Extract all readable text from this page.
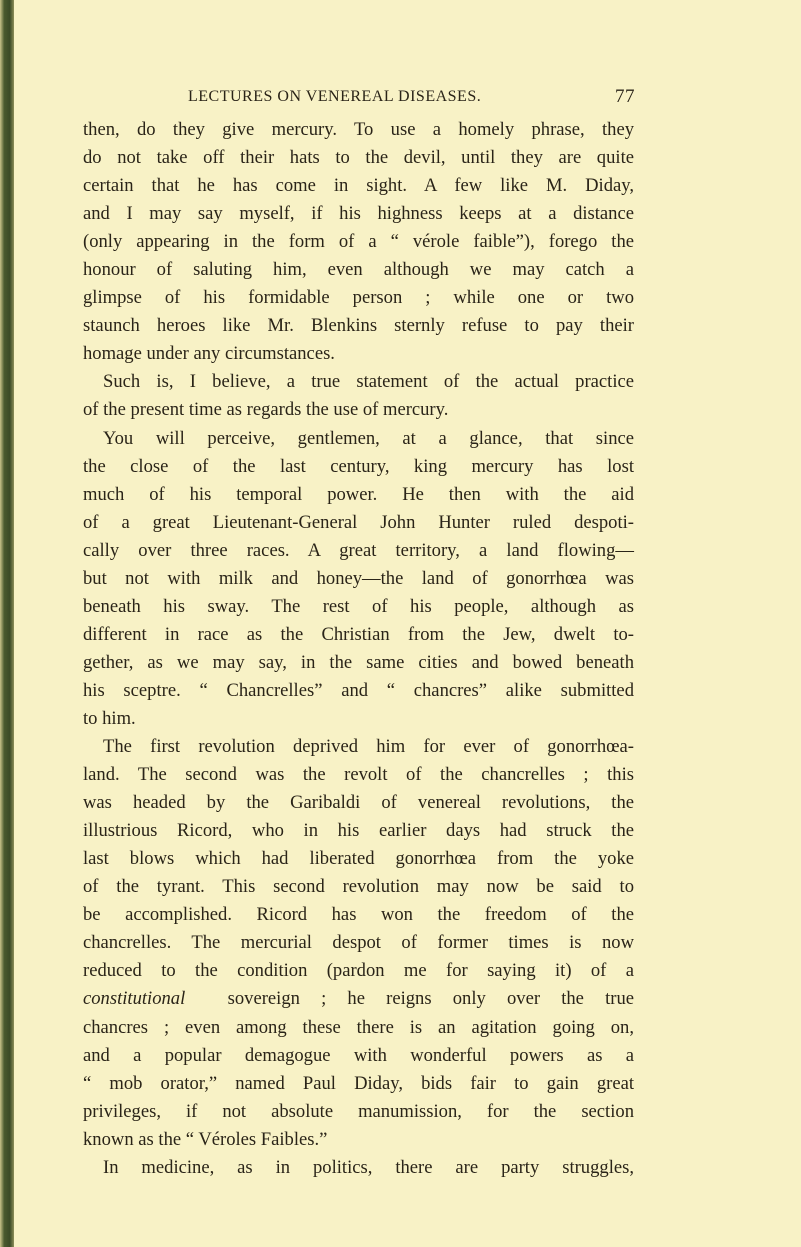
LECTURES ON VENEREAL DISEASES.	77
then, do they give mercury. To use a homely phrase, they
do not take off their hats to the devil, until they are quite
certain that he has come in sight. A few like M. Diday,
and I may say myself, if his highness keeps at a distance
(only appearing in the form of a “ vérole faible”), forego the
honour of saluting him, even although we may catch a
glimpse of his formidable person ; while one or two
staunch heroes like Mr. Blenkins sternly refuse to pay their
homage under any circumstances.
Such is, I believe, a true statement of the actual practice
of the present time as regards the use of mercury.
You will perceive, gentlemen, at a glance, that since
the close of the last century, king mercury has lost
much of his temporal power. He then with the aid
of a great Lieutenant-General John Hunter ruled despoti-
cally over three races. A great territory, a land flowing—
but not with milk and honey—the land of gonorrhœa was
beneath his sway. The rest of his people, although as
different in race as the Christian from the Jew, dwelt to-
gether, as we may say, in the same cities and bowed beneath
his sceptre. “ Chancrelles” and “ chancres” alike submitted
to him.
The first revolution deprived him for ever of gonorrhœa-
land. The second was the revolt of the chancrelles ; this
was headed by the Garibaldi of venereal revolutions, the
illustrious Ricord, who in his earlier days had struck the
last blows which had liberated gonorrhœa from the yoke
of the tyrant. This second revolution may now be said to
be accomplished. Ricord has won the freedom of the
chancrelles. The mercurial despot of former times is now
reduced to the condition (pardon me for saying it) of a
constitutional sovereign ; he reigns only over the true
chancres ; even among these there is an agitation going on,
and a popular demagogue with wonderful powers as a
“ mob orator,” named Paul Diday, bids fair to gain great
privileges, if not absolute manumission, for the section
known as the “ Véroles Faibles.”
In medicine, as in politics, there are party struggles,
